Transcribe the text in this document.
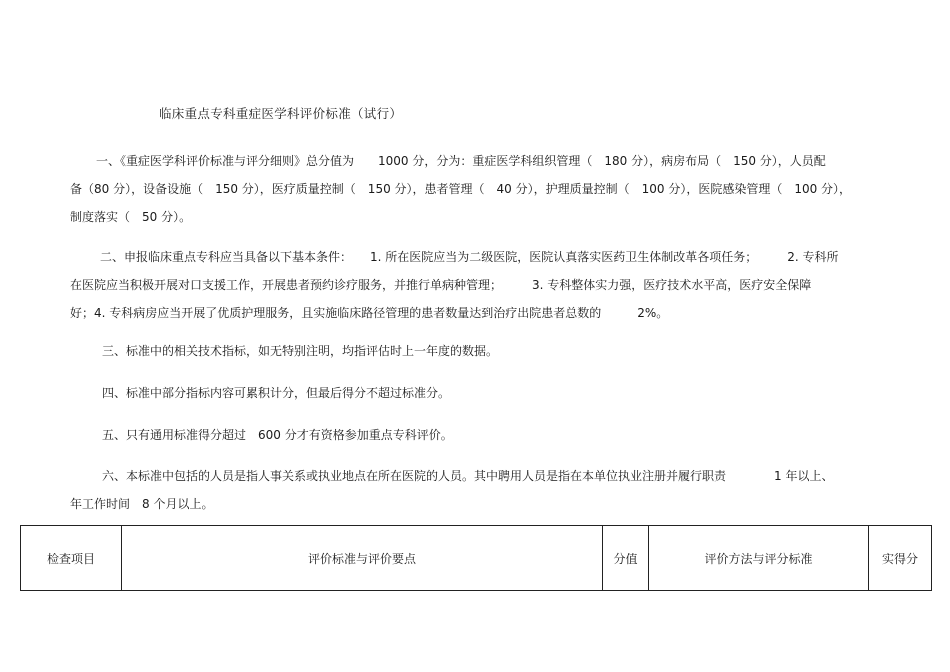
临床重点专科重症医学科评价标准（试行）
一、《重症医学科评价标准与评分细则》总分值为　　1000 分，分为：重症医学科组织管理（　180 分），病房布局（　150 分），人员配
备（80 分），设备设施（　150 分），医疗质量控制（　150 分），患者管理（　40 分），护理质量控制（　100 分），医院感染管理（　100 分），
制度落实（　50 分）。
二、申报临床重点专科应当具备以下基本条件：　　1. 所在医院应当为二级医院，医院认真落实医药卫生体制改革各项任务；　　　2. 专科所
在医院应当积极开展对口支援工作，开展患者预约诊疗服务，并推行单病种管理；　　　3. 专科整体实力强，医疗技术水平高，医疗安全保障
好；4. 专科病房应当开展了优质护理服务，且实施临床路径管理的患者数量达到治疗出院患者总数的　　　2%。
三、标准中的相关技术指标，如无特别注明，均指评估时上一年度的数据。
四、标准中部分指标内容可累积计分，但最后得分不超过标准分。
五、只有通用标准得分超过　600 分才有资格参加重点专科评价。
六、本标准中包括的人员是指人事关系或执业地点在所在医院的人员。其中聘用人员是指在本单位执业注册并履行职责　　　　1 年以上、
年工作时间　8 个月以上。
检查项目	评价标准与评价要点	分值	评价方法与评分标准	实得分
